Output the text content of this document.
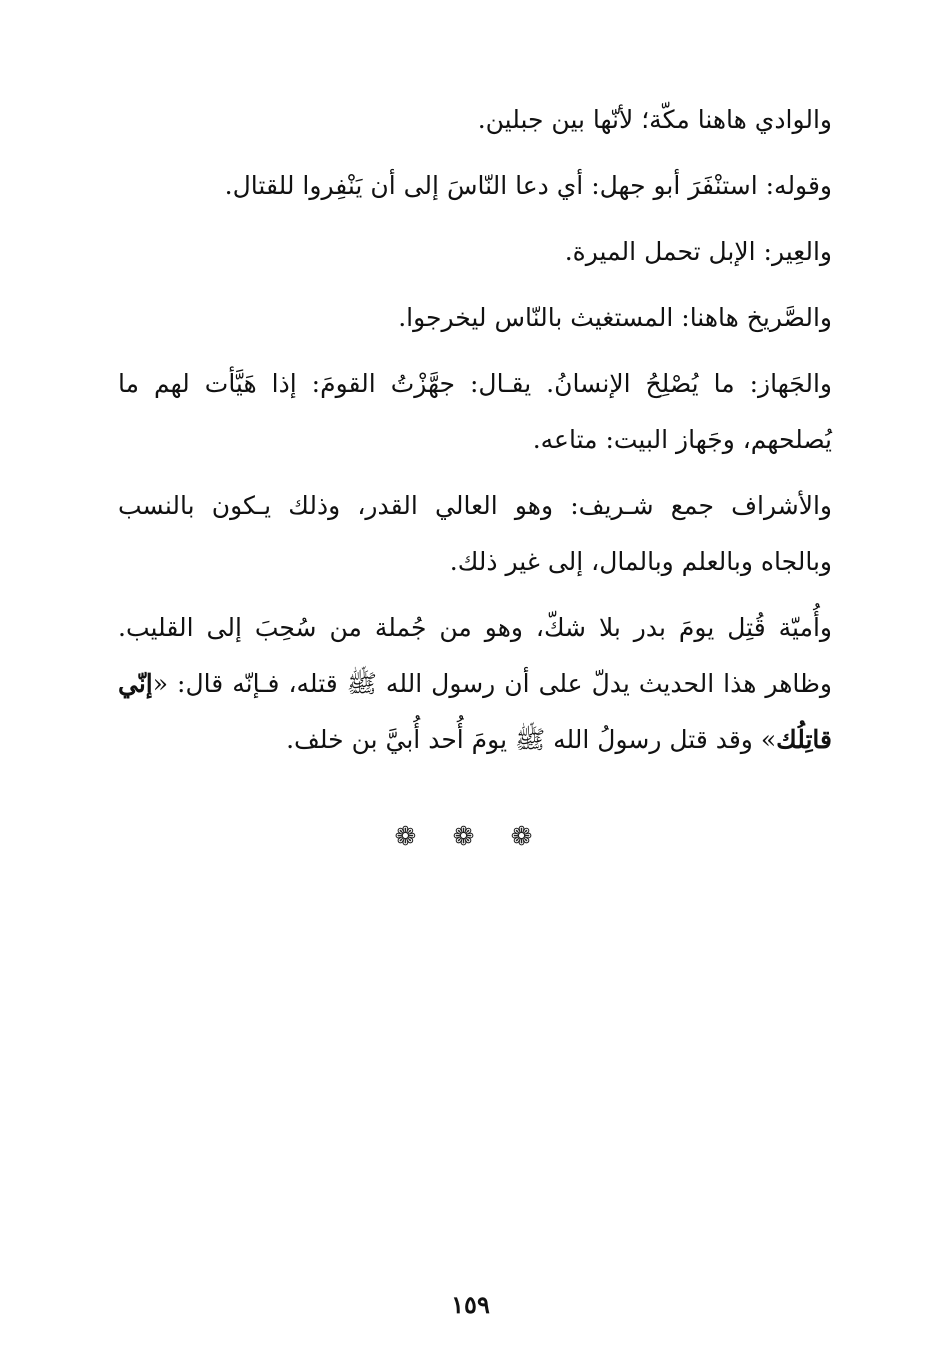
والوادي هاهنا مكّة؛ لأنّها بين جبلين.

وقوله: استنْفَرَ أبو جهل: أي دعا النّاسَ إلى أن يَنْفِروا للقتال.

والعِير: الإبل تحمل الميرة.

والصَّريخ هاهنا: المستغيث بالنّاس ليخرجوا.

والجَهاز: ما يُصْلِحُ الإنسانُ. يقـال: جهَّزْتُ القومَ: إذا هَيَّأت لهم ما يُصلحهم، وجَهاز البيت: متاعه.

والأشراف جمع شـريف: وهو العالي القدر، وذلك يـكون بالنسب وبالجاه وبالعلم وبالمال، إلى غير ذلك.

وأُميّة قُتِل يومَ بدر بلا شكّ، وهو من جُملة من سُحِبَ إلى القليب. وظاهر هذا الحديث يدلّ على أن رسول الله ﷺ قتله، فـإنّه قال: «إنّي قاتِلُك» وقد قتل رسولُ الله ﷺ يومَ أُحد أُبيَّ بن خلف.

❁ ❁ ❁
١٥٩
